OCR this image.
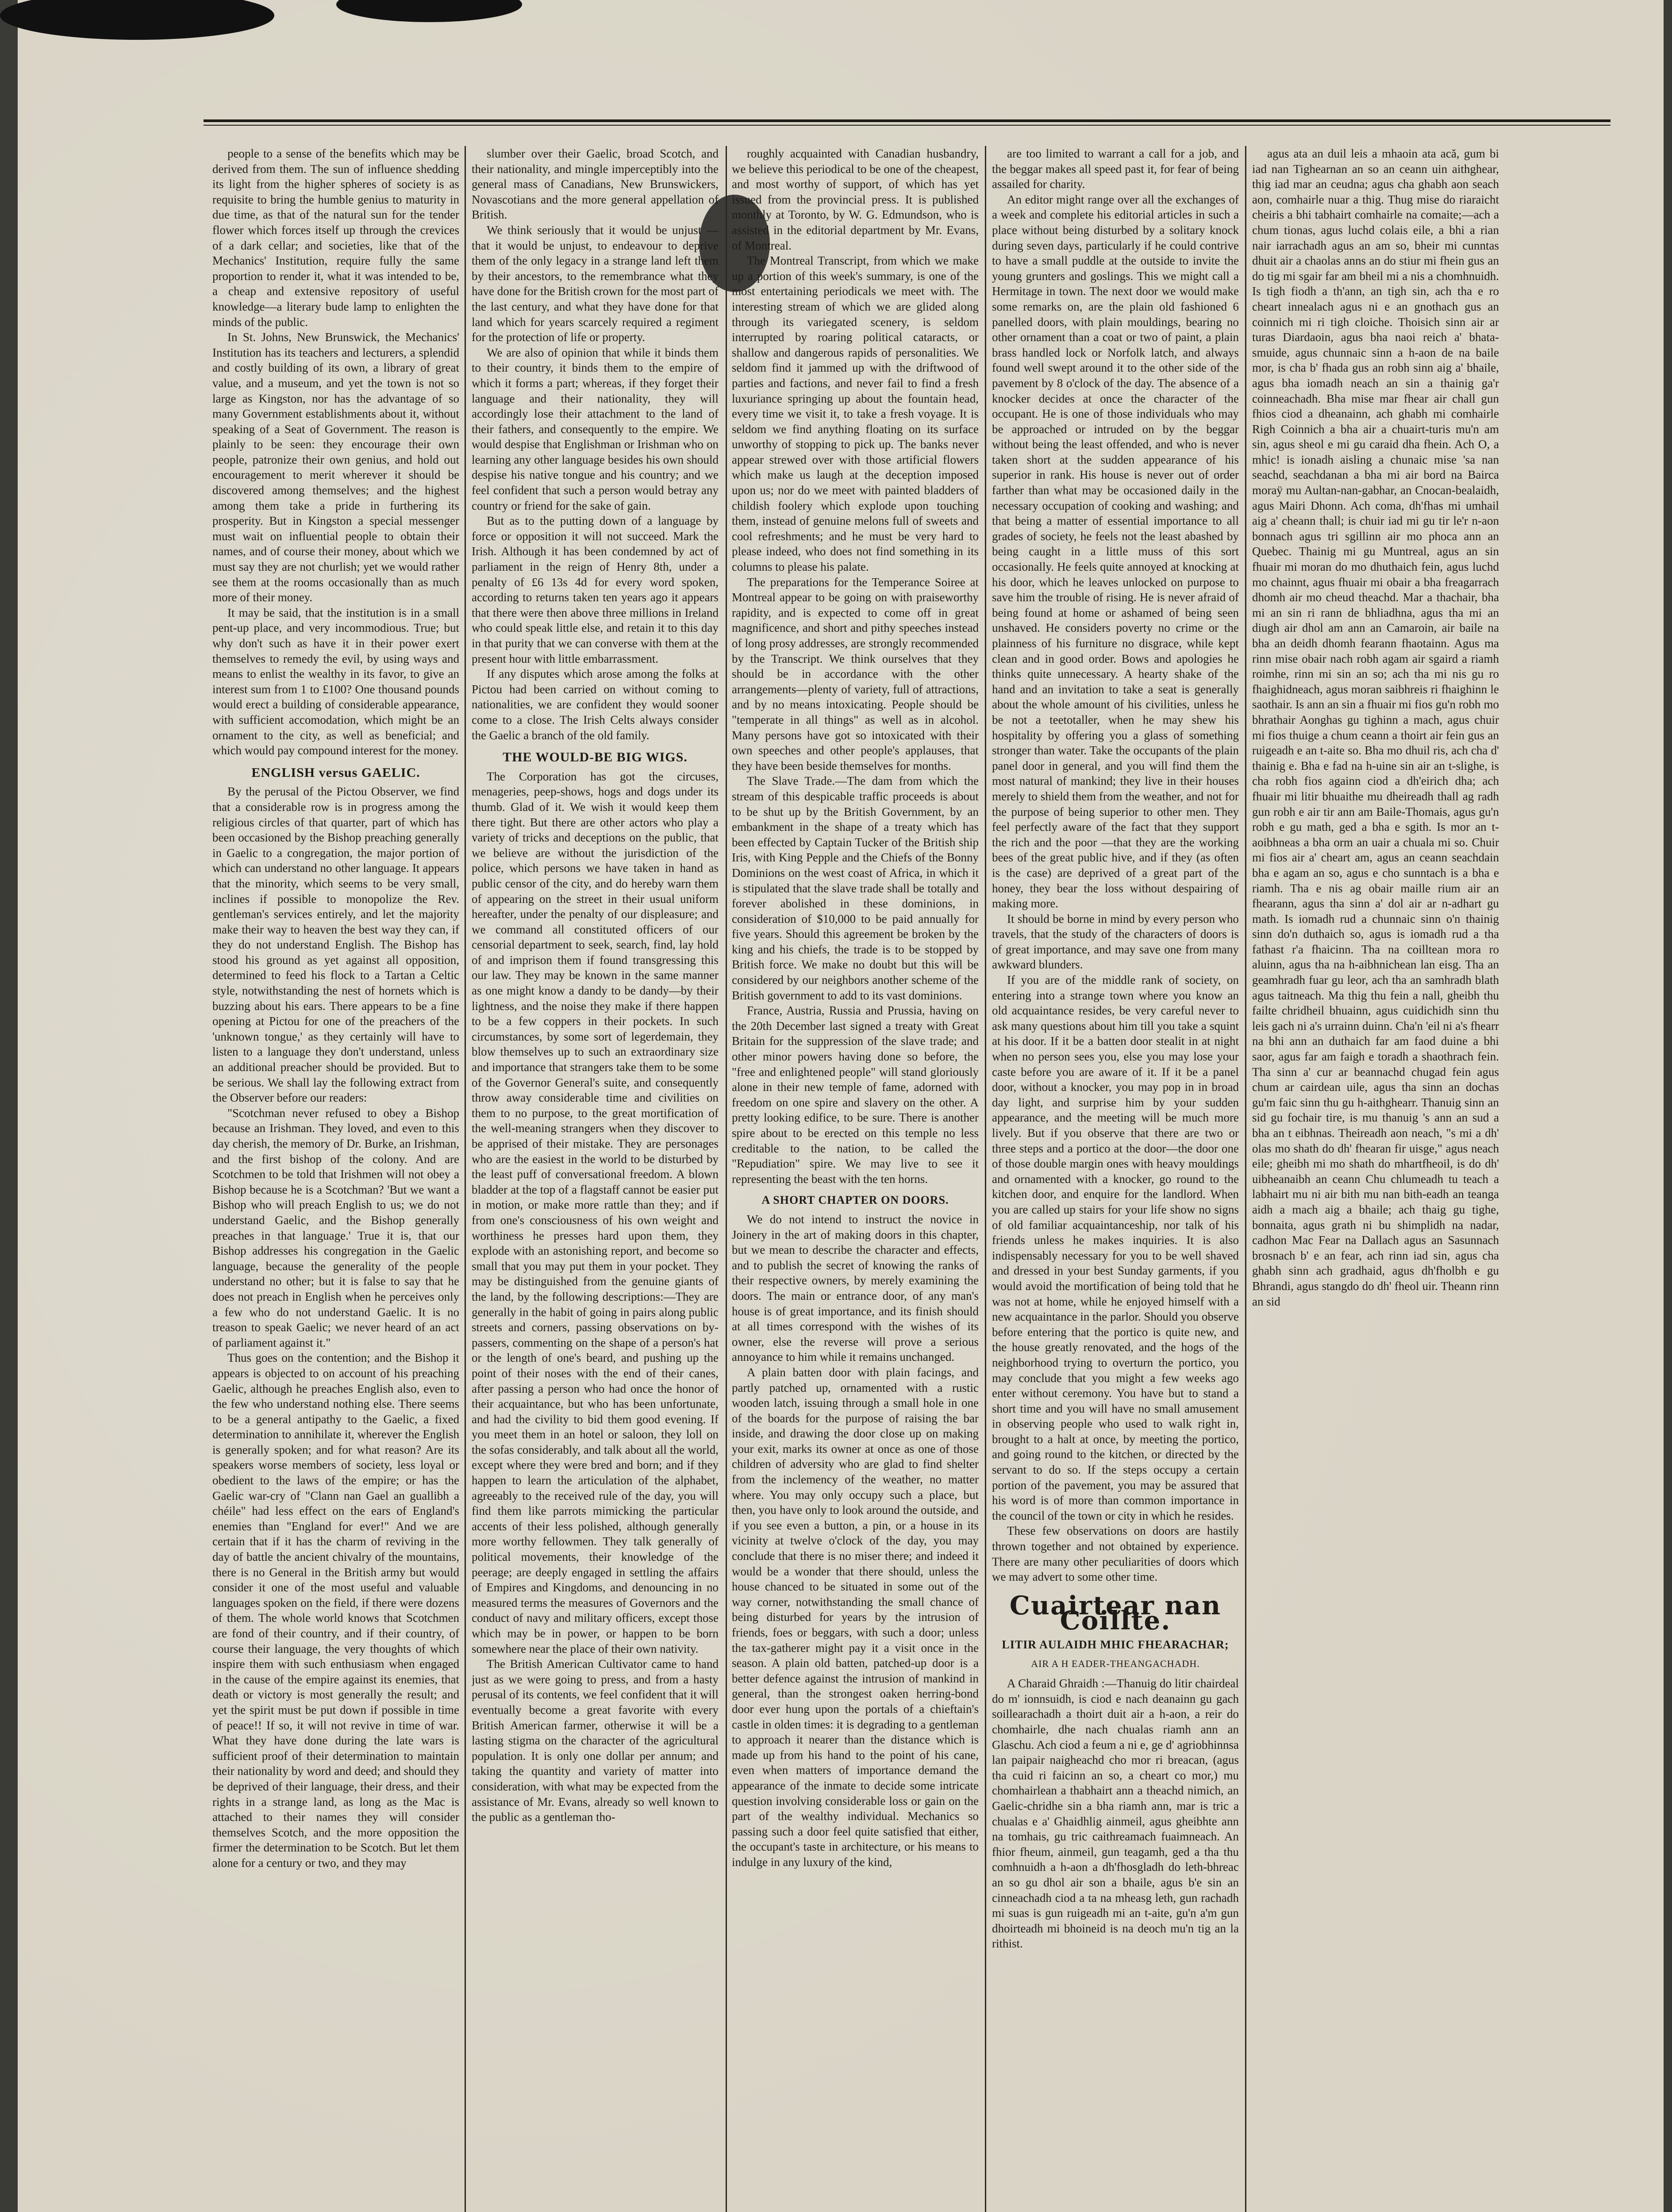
people to a sense of the benefits which may be derived from them. The sun of influence shedding its light from the higher spheres of society is as requisite to bring the humble genius to maturity in due time, as that of the natural sun for the tender flower which forces itself up through the crevices of a dark cellar; and societies, like that of the Mechanics' Institution, require fully the same proportion to render it, what it was intended to be, a cheap and extensive repository of useful knowledge—a literary bude lamp to enlighten the minds of the public.

In St. Johns, New Brunswick, the Mechanics' Institution has its teachers and lecturers, a splendid and costly building of its own, a library of great value, and a museum, and yet the town is not so large as Kingston, nor has the advantage of so many Government establishments about it, without speaking of a Seat of Government. The reason is plainly to be seen: they encourage their own people, patronize their own genius, and hold out encouragement to merit wherever it should be discovered among themselves; and the highest among them take a pride in furthering its prosperity. But in Kingston a special messenger must wait on influential people to obtain their names, and of course their money, about which we must say they are not churlish; yet we would rather see them at the rooms occasionally than as much more of their money.

It may be said, that the institution is in a small pent-up place, and very incommodious. True; but why don't such as have it in their power exert themselves to remedy the evil, by using ways and means to enlist the wealthy in its favor, to give an interest sum from 1 to £100? One thousand pounds would erect a building of considerable appearance, with sufficient accomodation, which might be an ornament to the city, as well as beneficial; and which would pay compound interest for the money.

ENGLISH versus GAELIC.

By the perusal of the Pictou Observer, we find that a considerable row is in progress among the religious circles of that quarter, part of which has been occasioned by the Bishop preaching generally in Gaelic to a congregation, the major portion of which can understand no other language. It appears that the minority, which seems to be very small, inclines if possible to monopolize the Rev. gentleman's services entirely, and let the majority make their way to heaven the best way they can, if they do not understand English. The Bishop has stood his ground as yet against all opposition, determined to feed his flock to a Tartan a Celtic style, notwithstanding the nest of hornets which is buzzing about his ears. There appears to be a fine opening at Pictou for one of the preachers of the 'unknown tongue,' as they certainly will have to listen to a language they don't understand, unless an additional preacher should be provided. But to be serious. We shall lay the following extract from the Observer before our readers:

"Scotchman never refused to obey a Bishop because an Irishman. They loved, and even to this day cherish, the memory of Dr. Burke, an Irishman, and the first bishop of the colony. And are Scotchmen to be told that Irishmen will not obey a Bishop because he is a Scotchman? 'But we want a Bishop who will preach English to us; we do not understand Gaelic, and the Bishop generally preaches in that language.' True it is, that our Bishop addresses his congregation in the Gaelic language, because the generality of the people understand no other; but it is false to say that he does not preach in English when he perceives only a few who do not understand Gaelic. It is no treason to speak Gaelic; we never heard of an act of parliament against it."

Thus goes on the contention; and the Bishop it appears is objected to on account of his preaching Gaelic, although he preaches English also, even to the few who understand nothing else. There seems to be a general antipathy to the Gaelic, a fixed determination to annihilate it, wherever the English is generally spoken; and for what reason? Are its speakers worse members of society, less loyal or obedient to the laws of the empire; or has the Gaelic war-cry of "Clann nan Gael an guallibh a chéile" had less effect on the ears of England's enemies than "England for ever!" And we are certain that if it has the charm of reviving in the day of battle the ancient chivalry of the mountains, there is no General in the British army but would consider it one of the most useful and valuable languages spoken on the field, if there were dozens of them. The whole world knows that Scotchmen are fond of their country, and if their country, of course their language, the very thoughts of which inspire them with such enthusiasm when engaged in the cause of the empire against its enemies, that death or victory is most generally the result; and yet the spirit must be put down if possible in time of peace!! If so, it will not revive in time of war. What they have done during the late wars is sufficient proof of their determination to maintain their nationality by word and deed; and should they be deprived of their language, their dress, and their rights in a strange land, as long as the Mac is attached to their names they will consider themselves Scotch, and the more opposition the firmer the determination to be Scotch. But let them alone for a century or two, and they may

slumber over their Gaelic, broad Scotch, and their nationality, and mingle imperceptibly into the general mass of Canadians, New Brunswickers, Novascotians and the more general appellation of British.

We think seriously that it would be unjust —that it would be unjust, to endeavour to deprive them of the only legacy in a strange land left them by their ancestors, to the remembrance what they have done for the British crown for the most part of the last century, and what they have done for that land which for years scarcely required a regiment for the protection of life or property.

We are also of opinion that while it binds them to their country, it binds them to the empire of which it forms a part; whereas, if they forget their language and their nationality, they will accordingly lose their attachment to the land of their fathers, and consequently to the empire. We would despise that Englishman or Irishman who on learning any other language besides his own should despise his native tongue and his country; and we feel confident that such a person would betray any country or friend for the sake of gain.

But as to the putting down of a language by force or opposition it will not succeed. Mark the Irish. Although it has been condemned by act of parliament in the reign of Henry 8th, under a penalty of £6 13s 4d for every word spoken, according to returns taken ten years ago it appears that there were then above three millions in Ireland who could speak little else, and retain it to this day in that purity that we can converse with them at the present hour with little embarrassment.

If any disputes which arose among the folks at Pictou had been carried on without coming to nationalities, we are confident they would sooner come to a close. The Irish Celts always consider the Gaelic a branch of the old family.

THE WOULD-BE BIG WIGS.

The Corporation has got the circuses, menageries, peep-shows, hogs and dogs under its thumb. Glad of it. We wish it would keep them there tight. But there are other actors who play a variety of tricks and deceptions on the public, that we believe are without the jurisdiction of the police, which persons we have taken in hand as public censor of the city, and do hereby warn them of appearing on the street in their usual uniform hereafter, under the penalty of our displeasure; and we command all constituted officers of our censorial department to seek, search, find, lay hold of and imprison them if found transgressing this our law. They may be known in the same manner as one might know a dandy to be dandy—by their lightness, and the noise they make if there happen to be a few coppers in their pockets. In such circumstances, by some sort of legerdemain, they blow themselves up to such an extraordinary size and importance that strangers take them to be some of the Governor General's suite, and consequently throw away considerable time and civilities on them to no purpose, to the great mortification of the well-meaning strangers when they discover to be apprised of their mistake. They are personages who are the easiest in the world to be disturbed by the least puff of conversational freedom. A blown bladder at the top of a flagstaff cannot be easier put in motion, or make more rattle than they; and if from one's consciousness of his own weight and worthiness he presses hard upon them, they explode with an astonishing report, and become so small that you may put them in your pocket. They may be distinguished from the genuine giants of the land, by the following descriptions:—They are generally in the habit of going in pairs along public streets and corners, passing observations on by-passers, commenting on the shape of a person's hat or the length of one's beard, and pushing up the point of their noses with the end of their canes, after passing a person who had once the honor of their acquaintance, but who has been unfortunate, and had the civility to bid them good evening. If you meet them in an hotel or saloon, they loll on the sofas considerably, and talk about all the world, except where they were bred and born; and if they happen to learn the articulation of the alphabet, agreeably to the received rule of the day, you will find them like parrots mimicking the particular accents of their less polished, although generally more worthy fellowmen. They talk generally of political movements, their knowledge of the peerage; are deeply engaged in settling the affairs of Empires and Kingdoms, and denouncing in no measured terms the measures of Governors and the conduct of navy and military officers, except those which may be in power, or happen to be born somewhere near the place of their own nativity.

The British American Cultivator came to hand just as we were going to press, and from a hasty perusal of its contents, we feel confident that it will eventually become a great favorite with every British American farmer, otherwise it will be a lasting stigma on the character of the agricultural population. It is only one dollar per annum; and taking the quantity and variety of matter into consideration, with what may be expected from the assistance of Mr. Evans, already so well known to the public as a gentleman tho-

roughly acquainted with Canadian husbandry, we believe this periodical to be one of the cheapest, and most worthy of support, of which has yet issued from the provincial press. It is published monthly at Toronto, by W. G. Edmundson, who is assisted in the editorial department by Mr. Evans, of Montreal.

The Montreal Transcript, from which we make up a portion of this week's summary, is one of the most entertaining periodicals we meet with. The interesting stream of which we are glided along through its variegated scenery, is seldom interrupted by roaring political cataracts, or shallow and dangerous rapids of personalities. We seldom find it jammed up with the driftwood of parties and factions, and never fail to find a fresh luxuriance springing up about the fountain head, every time we visit it, to take a fresh voyage. It is seldom we find anything floating on its surface unworthy of stopping to pick up. The banks never appear strewed over with those artificial flowers which make us laugh at the deception imposed upon us; nor do we meet with painted bladders of childish foolery which explode upon touching them, instead of genuine melons full of sweets and cool refreshments; and he must be very hard to please indeed, who does not find something in its columns to please his palate.

The preparations for the Temperance Soiree at Montreal appear to be going on with praiseworthy rapidity, and is expected to come off in great magnificence, and short and pithy speeches instead of long prosy addresses, are strongly recommended by the Transcript. We think ourselves that they should be in accordance with the other arrangements—plenty of variety, full of attractions, and by no means intoxicating. People should be "temperate in all things" as well as in alcohol. Many persons have got so intoxicated with their own speeches and other people's applauses, that they have been beside themselves for months.

The Slave Trade.—The dam from which the stream of this despicable traffic proceeds is about to be shut up by the British Government, by an embankment in the shape of a treaty which has been effected by Captain Tucker of the British ship Iris, with King Pepple and the Chiefs of the Bonny Dominions on the west coast of Africa, in which it is stipulated that the slave trade shall be totally and forever abolished in these dominions, in consideration of $10,000 to be paid annually for five years. Should this agreement be broken by the king and his chiefs, the trade is to be stopped by British force. We make no doubt but this will be considered by our neighbors another scheme of the British government to add to its vast dominions.

France, Austria, Russia and Prussia, having on the 20th December last signed a treaty with Great Britain for the suppression of the slave trade; and other minor powers having done so before, the "free and enlightened people" will stand gloriously alone in their new temple of fame, adorned with freedom on one spire and slavery on the other. A pretty looking edifice, to be sure. There is another spire about to be erected on this temple no less creditable to the nation, to be called the "Repudiation" spire. We may live to see it representing the beast with the ten horns.

A SHORT CHAPTER ON DOORS.

We do not intend to instruct the novice in Joinery in the art of making doors in this chapter, but we mean to describe the character and effects, and to publish the secret of knowing the ranks of their respective owners, by merely examining the doors. The main or entrance door, of any man's house is of great importance, and its finish should at all times correspond with the wishes of its owner, else the reverse will prove a serious annoyance to him while it remains unchanged.

A plain batten door with plain facings, and partly patched up, ornamented with a rustic wooden latch, issuing through a small hole in one of the boards for the purpose of raising the bar inside, and drawing the door close up on making your exit, marks its owner at once as one of those children of adversity who are glad to find shelter from the inclemency of the weather, no matter where. You may only occupy such a place, but then, you have only to look around the outside, and if you see even a button, a pin, or a house in its vicinity at twelve o'clock of the day, you may conclude that there is no miser there; and indeed it would be a wonder that there should, unless the house chanced to be situated in some out of the way corner, notwithstanding the small chance of being disturbed for years by the intrusion of friends, foes or beggars, with such a door; unless the tax-gatherer might pay it a visit once in the season. A plain old batten, patched-up door is a better defence against the intrusion of mankind in general, than the strongest oaken herring-bond door ever hung upon the portals of a chieftain's castle in olden times: it is degrading to a gentleman to approach it nearer than the distance which is made up from his hand to the point of his cane, even when matters of importance demand the appearance of the inmate to decide some intricate question involving considerable loss or gain on the part of the wealthy individual. Mechanics so passing such a door feel quite satisfied that either, the occupant's taste in architecture, or his means to indulge in any luxury of the kind,

are too limited to warrant a call for a job, and the beggar makes all speed past it, for fear of being assailed for charity.

An editor might range over all the exchanges of a week and complete his editorial articles in such a place without being disturbed by a solitary knock during seven days, particularly if he could contrive to have a small puddle at the outside to invite the young grunters and goslings. This we might call a Hermitage in town. The next door we would make some remarks on, are the plain old fashioned 6 panelled doors, with plain mouldings, bearing no other ornament than a coat or two of paint, a plain brass handled lock or Norfolk latch, and always found well swept around it to the other side of the pavement by 8 o'clock of the day. The absence of a knocker decides at once the character of the occupant. He is one of those individuals who may be approached or intruded on by the beggar without being the least offended, and who is never taken short at the sudden appearance of his superior in rank. His house is never out of order farther than what may be occasioned daily in the necessary occupation of cooking and washing; and that being a matter of essential importance to all grades of society, he feels not the least abashed by being caught in a little muss of this sort occasionally. He feels quite annoyed at knocking at his door, which he leaves unlocked on purpose to save him the trouble of rising. He is never afraid of being found at home or ashamed of being seen unshaved. He considers poverty no crime or the plainness of his furniture no disgrace, while kept clean and in good order. Bows and apologies he thinks quite unnecessary. A hearty shake of the hand and an invitation to take a seat is generally about the whole amount of his civilities, unless he be not a teetotaller, when he may shew his hospitality by offering you a glass of something stronger than water. Take the occupants of the plain panel door in general, and you will find them the most natural of mankind; they live in their houses merely to shield them from the weather, and not for the purpose of being superior to other men. They feel perfectly aware of the fact that they support the rich and the poor —that they are the working bees of the great public hive, and if they (as often is the case) are deprived of a great part of the honey, they bear the loss without despairing of making more.

It should be borne in mind by every person who travels, that the study of the characters of doors is of great importance, and may save one from many awkward blunders.

If you are of the middle rank of society, on entering into a strange town where you know an old acquaintance resides, be very careful never to ask many questions about him till you take a squint at his door. If it be a batten door stealit in at night when no person sees you, else you may lose your caste before you are aware of it. If it be a panel door, without a knocker, you may pop in in broad day light, and surprise him by your sudden appearance, and the meeting will be much more lively. But if you observe that there are two or three steps and a portico at the door—the door one of those double margin ones with heavy mouldings and ornamented with a knocker, go round to the kitchen door, and enquire for the landlord. When you are called up stairs for your life show no signs of old familiar acquaintanceship, nor talk of his friends unless he makes inquiries. It is also indispensably necessary for you to be well shaved and dressed in your best Sunday garments, if you would avoid the mortification of being told that he was not at home, while he enjoyed himself with a new acquaintance in the parlor. Should you observe before entering that the portico is quite new, and the house greatly renovated, and the hogs of the neighborhood trying to overturn the portico, you may conclude that you might a few weeks ago enter without ceremony. You have but to stand a short time and you will have no small amusement in observing people who used to walk right in, brought to a halt at once, by meeting the portico, and going round to the kitchen, or directed by the servant to do so. If the steps occupy a certain portion of the pavement, you may be assured that his word is of more than common importance in the council of the town or city in which he resides.

These few observations on doors are hastily thrown together and not obtained by experience. There are many other peculiarities of doors which we may advert to some other time.

Cuairtear nan Coillte.
LITIR AULAIDH MHIC FHEARACHAR;
AIR A H EADER-THEANGACHADH.

A Charaid Ghraidh :—Thanuig do litir chairdeal do m' ionnsuidh, is ciod e nach deanainn gu gach soillearachadh a thoirt duit air a h-aon, a reir do chomhairle, dhe nach chualas riamh ann an Glaschu. Ach ciod a feum a ni e, ge d' agriobhinnsa lan paipair naigheachd cho mor ri breacan, (agus tha cuid ri faicinn an so, a cheart co mor,) mu chomhairlean a thabhairt ann a theachd nimich, an Gaelic-chridhe sin a bha riamh ann, mar is tric a chualas e a' Ghaidhlig ainmeil, agus gheibhte ann na tomhais, gu tric caithreamach fuaimneach. An fhior fheum, ainmeil, gun teagamh, ged a tha thu comhnuidh a h-aon a dh'fhosgladh do leth-bhreac an so gu dhol air son a bhaile, agus b'e sin an cinneachadh ciod a ta na mheasg leth, gun rachadh mi suas is gun ruigeadh mi an t-aite, gu'n a'm gun dhoirteadh mi bhoineid is na deoch mu'n tig an la rithist.

agus ata an duil leis a mhaoin ata acă, gum bi iad nan Tighearnan an so an ceann uin aithghear, thig iad mar an ceudna; agus cha ghabh aon seach aon, comhairle nuar a thig. Thug mise do riaraicht cheiris a bhi tabhairt comhairle na comaite;—ach a chum tionas, agus luchd colais eile, a bhi a rian nair iarrachadh agus an am so, bheir mi cunntas dhuit air a chaolas anns an do stiur mi fhein gus an do tig mi sgair far am bheil mi a nis a chomhnuidh. Is tigh fiodh a th'ann, an tigh sin, ach tha e ro cheart innealach agus ni e an gnothach gus an coinnich mi ri tigh cloiche. Thoisich sinn air ar turas Diardaoin, agus bha naoi reich a' bhata-smuide, agus chunnaic sinn a h-aon de na baile mor, is cha b' fhada gus an robh sinn aig a' bhaile, agus bha iomadh neach an sin a thainig ga'r coinneachadh. Bha mise mar fhear air chall gun fhios ciod a dheanainn, ach ghabh mi comhairle Righ Coinnich a bha air a chuairt-turis mu'n am sin, agus sheol e mi gu caraid dha fhein. Ach O, a mhic! is ionadh aisling a chunaic mise 'sa nan seachd, seachdanan a bha mi air bord na Bairca moraÿ mu Aultan-nan-gabhar, an Cnocan-bealaidh, agus Mairi Dhonn. Ach coma, dh'fhas mi umhail aig a' cheann thall; is chuir iad mi gu tir le'r n-aon bonnach agus tri sgillinn air mo phoca ann an Quebec. Thainig mi gu Muntreal, agus an sin fhuair mi moran do mo dhuthaich fein, agus luchd mo chainnt, agus fhuair mi obair a bha freagarrach dhomh air mo cheud theachd. Mar a thachair, bha mi an sin ri rann de bhliadhna, agus tha mi an diugh air dhol am ann an Camaroin, air baile na bha an deidh dhomh fearann fhaotainn. Agus ma rinn mise obair nach robh agam air sgaird a riamh roimhe, rinn mi sin an so; ach tha mi nis gu ro fhaighidneach, agus moran saibhreis ri fhaighinn le saothair. Is ann an sin a fhuair mi fios gu'n robh mo bhrathair Aonghas gu tighinn a mach, agus chuir mi fios thuige a chum ceann a thoirt air fein gus an ruigeadh e an t-aite so. Bha mo dhuil ris, ach cha d' thainig e. Bha e fad na h-uine sin air an t-slighe, is cha robh fios againn ciod a dh'eirich dha; ach fhuair mi litir bhuaithe mu dheireadh thall ag radh gun robh e air tir ann am Baile-Thomais, agus gu'n robh e gu math, ged a bha e sgith. Is mor an t-aoibhneas a bha orm an uair a chuala mi so. Chuir mi fios air a' cheart am, agus an ceann seachdain bha e agam an so, agus e cho sunntach is a bha e riamh. Tha e nis ag obair maille rium air an fhearann, agus tha sinn a' dol air ar n-adhart gu math. Is iomadh rud a chunnaic sinn o'n thainig sinn do'n duthaich so, agus is iomadh rud a tha fathast r'a fhaicinn. Tha na coilltean mora ro aluinn, agus tha na h-aibhnichean lan eisg. Tha an geamhradh fuar gu leor, ach tha an samhradh blath agus taitneach. Ma thig thu fein a nall, gheibh thu failte chridheil bhuainn, agus cuidichidh sinn thu leis gach ni a's urrainn duinn. Cha'n 'eil ni a's fhearr na bhi ann an duthaich far am faod duine a bhi saor, agus far am faigh e toradh a shaothrach fein. Tha sinn a' cur ar beannachd chugad fein agus chum ar cairdean uile, agus tha sinn an dochas gu'm faic sinn thu gu h-aithghearr. Thanuig sinn an sid gu fochair tire, is mu thanuig 's ann an sud a bha an t eibhnas. Theireadh aon neach, "s mi a dh' olas mo shath do dh' fhearan fir uisge," agus neach eile; gheibh mi mo shath do mhartfheoil, is do dh' uibheanaibh an ceann Chu chlumeadh tu teach a labhairt mu ni air bith mu nan bith-eadh an teanga aidh a mach aig a bhaile; ach thaig gu tighe, bonnaita, agus grath ni bu shimplidh na nadar, cadhon Mac Fear na Dallach agus an Sasunnach brosnach b' e an fear, ach rinn iad sin, agus cha ghabh sinn ach gradhaid, agus dh'fholbh e gu Bhrandi, agus stangdo do dh' fheol uir. Theann rinn an sid
